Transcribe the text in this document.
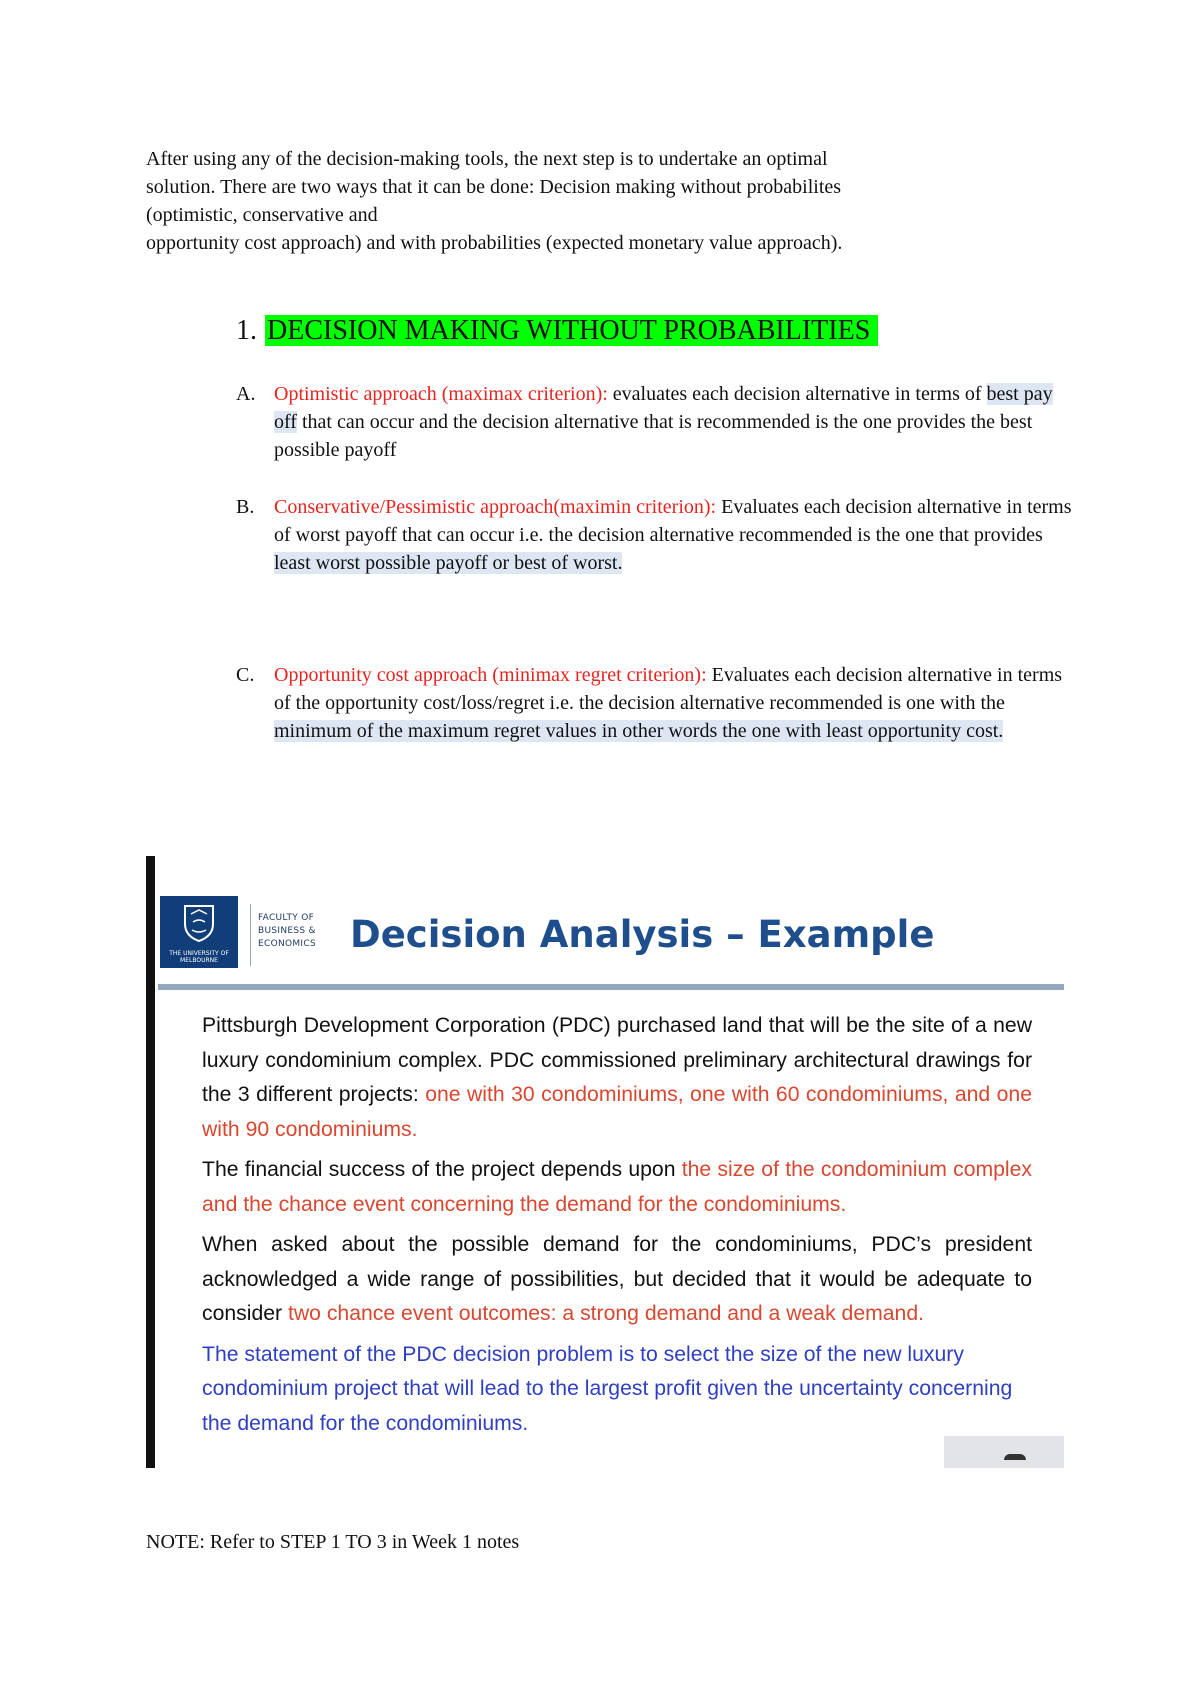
After using any of the decision-making tools, the next step is to undertake an optimal

solution. There are two ways that it can be done: Decision making without probabilites

(optimistic, conservative and

opportunity cost approach) and with probabilities (expected monetary value approach).

1. DECISION MAKING WITHOUT PROBABILITIES
A. Optimistic approach (maximax criterion): evaluates each decision alternative in terms of best pay off that can occur and the decision alternative that is recommended is the one provides the best possible payoff
B. Conservative/Pessimistic approach(maximin criterion): Evaluates each decision alternative in terms of worst payoff that can occur i.e. the decision alternative recommended is the one that provides least worst possible payoff or best of worst.
C. Opportunity cost approach (minimax regret criterion): Evaluates each decision alternative in terms of the opportunity cost/loss/regret i.e. the decision alternative recommended is one with the minimum of the maximum regret values in other words the one with least opportunity cost.
THE UNIVERSITY OF MELBOURNE
FACULTY OF
BUSINESS &
ECONOMICS Decision Analysis – Example

Pittsburgh Development Corporation (PDC) purchased land that will be the site of a new luxury condominium complex. PDC commissioned preliminary architectural drawings for the 3 different projects: one with 30 condominiums, one with 60 condominiums, and one with 90 condominiums.

The financial success of the project depends upon the size of the condominium complex and the chance event concerning the demand for the condominiums.

When asked about the possible demand for the condominiums, PDC’s president acknowledged a wide range of possibilities, but decided that it would be adequate to consider two chance event outcomes: a strong demand and a weak demand.

The statement of the PDC decision problem is to select the size of the new luxury condominium project that will lead to the largest profit given the uncertainty concerning the demand for the condominiums.

NOTE: Refer to STEP 1 TO 3 in Week 1 notes
